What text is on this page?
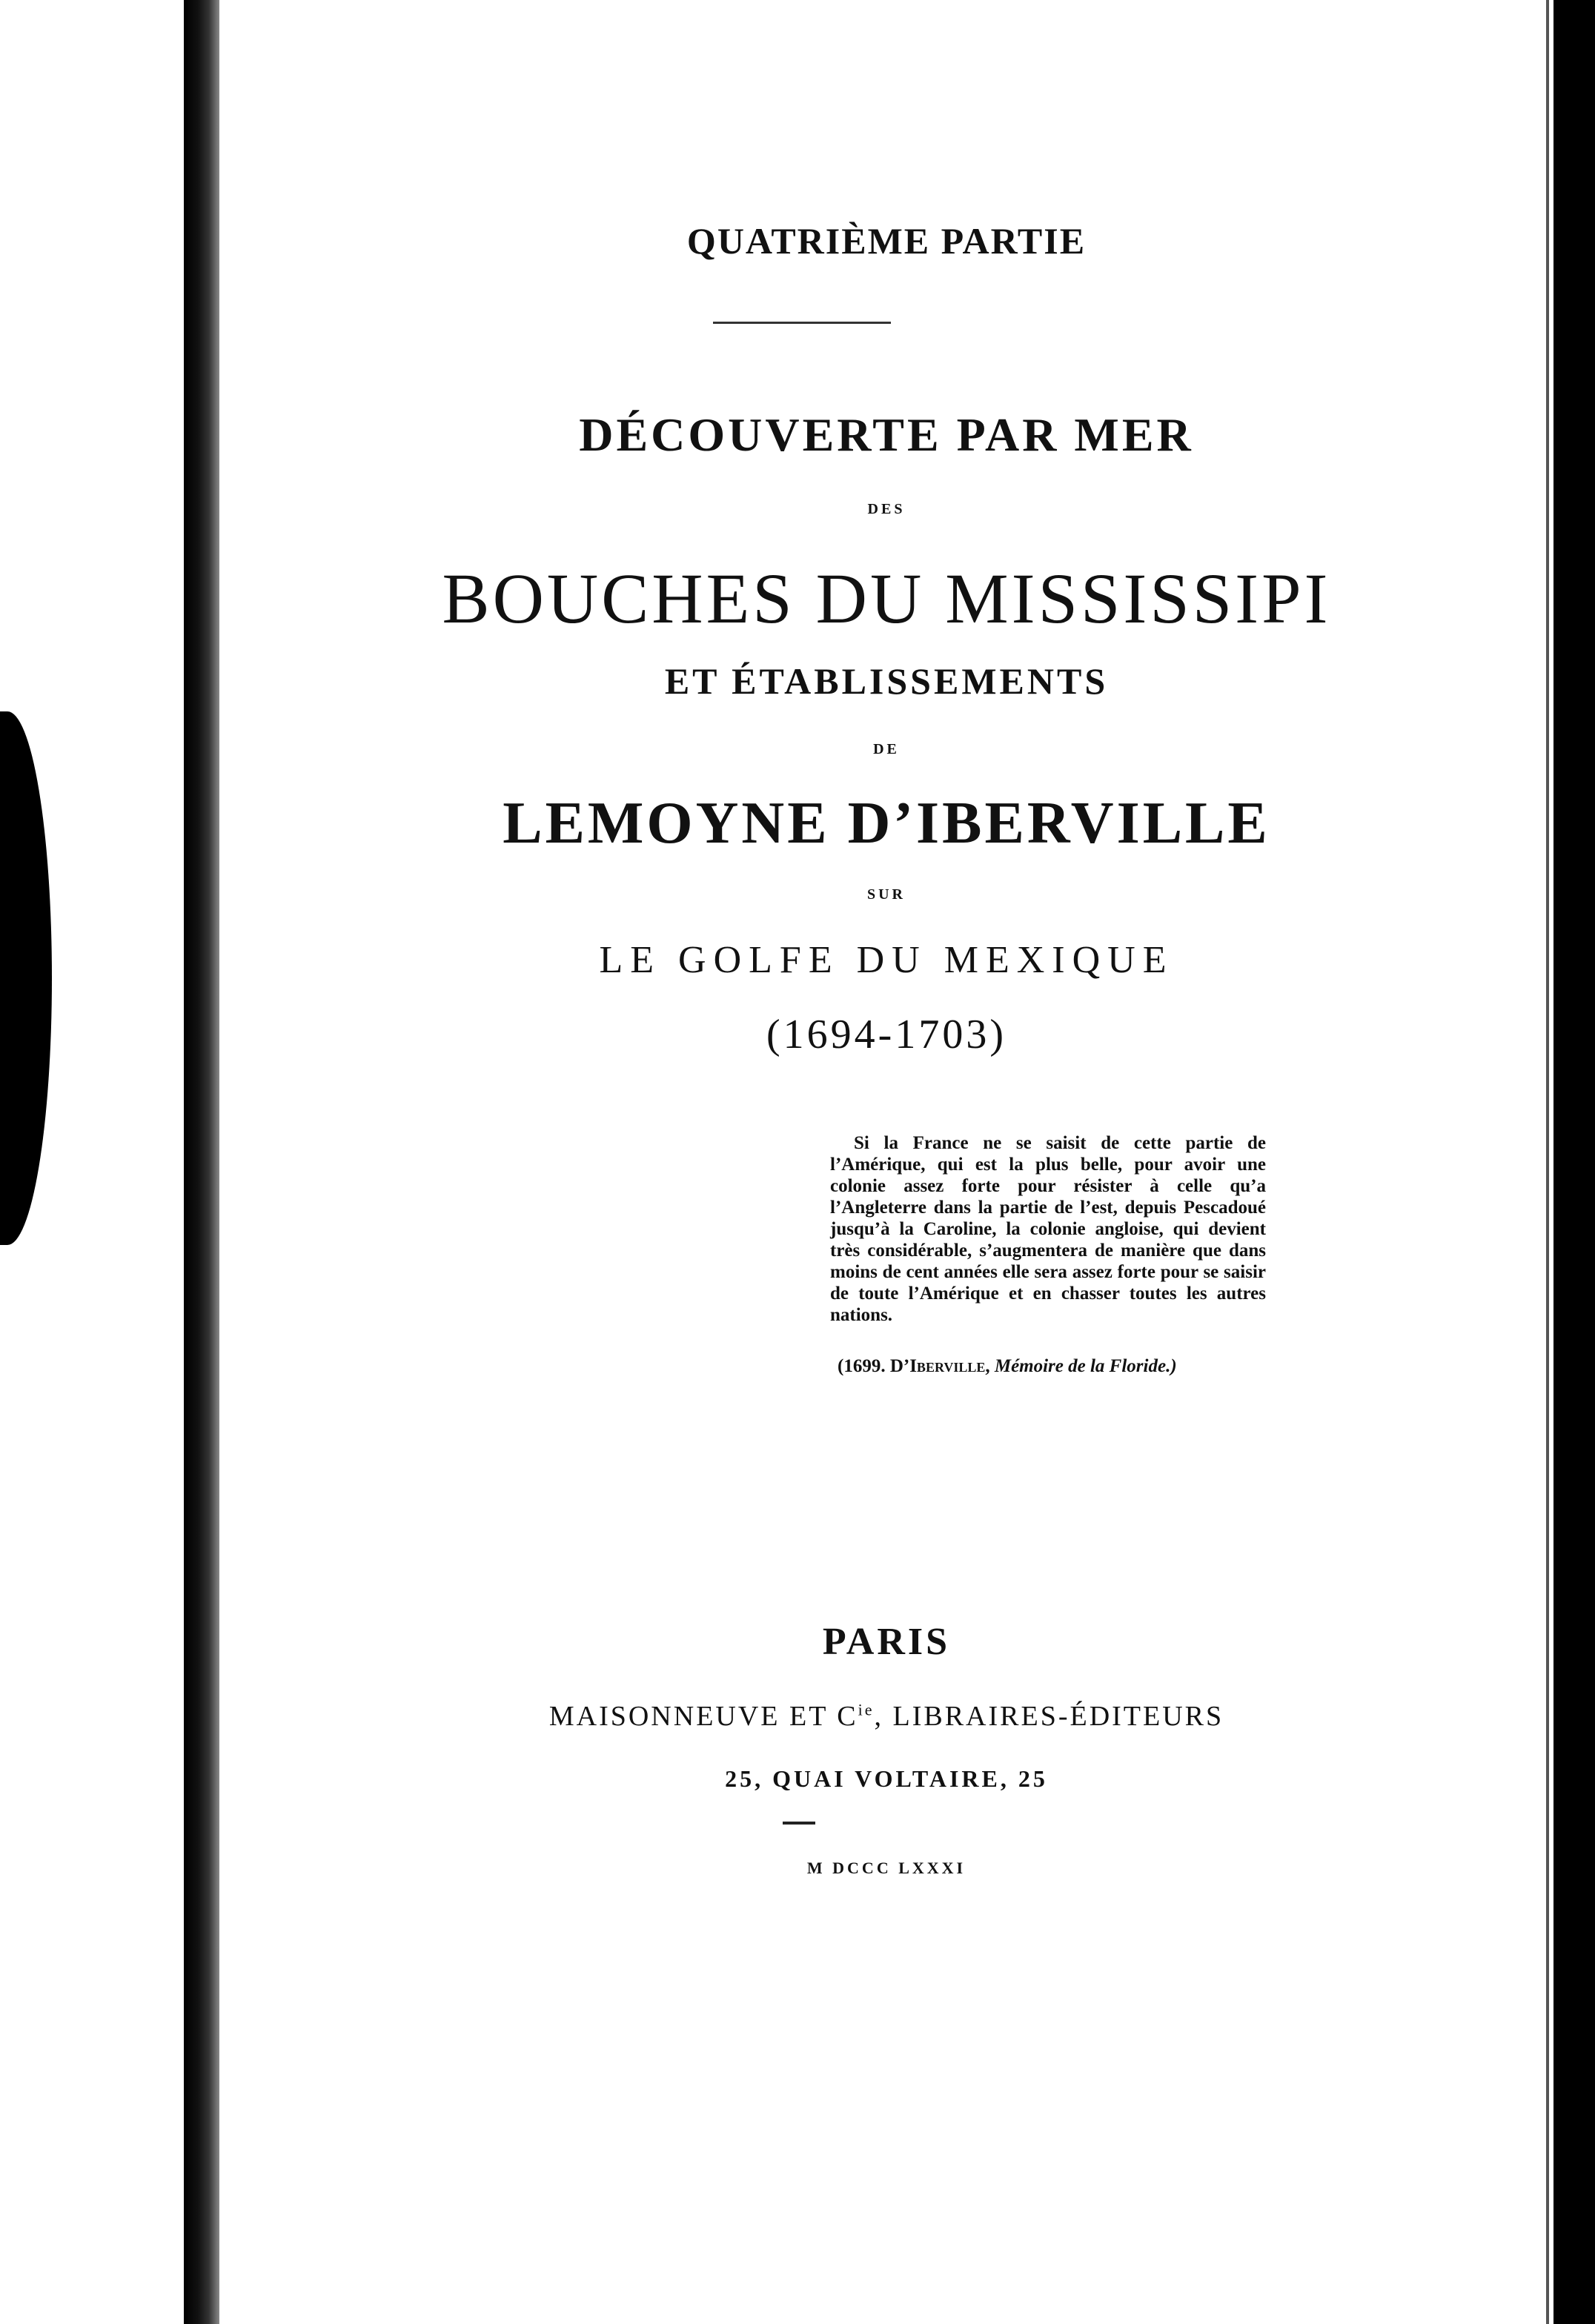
QUATRIÈME PARTIE
DÉCOUVERTE PAR MER
DES
BOUCHES DU MISSISSIPI
ET ÉTABLISSEMENTS
DE
LEMOYNE D’IBERVILLE
SUR
LE GOLFE DU MEXIQUE
(1694-1703)
Si la France ne se saisit de cette partie de l’Amérique, qui est la plus belle, pour avoir une colonie assez forte pour résister à celle qu’a l’Angleterre dans la partie de l’est, depuis Pescadoué jusqu’à la Caroline, la colonie angloise, qui devient très considérable, s’augmentera de manière que dans moins de cent années elle sera assez forte pour se saisir de toute l’Amérique et en chasser toutes les autres nations.
(1699. D’Iberville, Mémoire de la Floride.)
PARIS
MAISONNEUVE ET $C^{ie}$, LIBRAIRES-ÉDITEURS
25, QUAI VOLTAIRE, 25
M DCCC LXXXI
